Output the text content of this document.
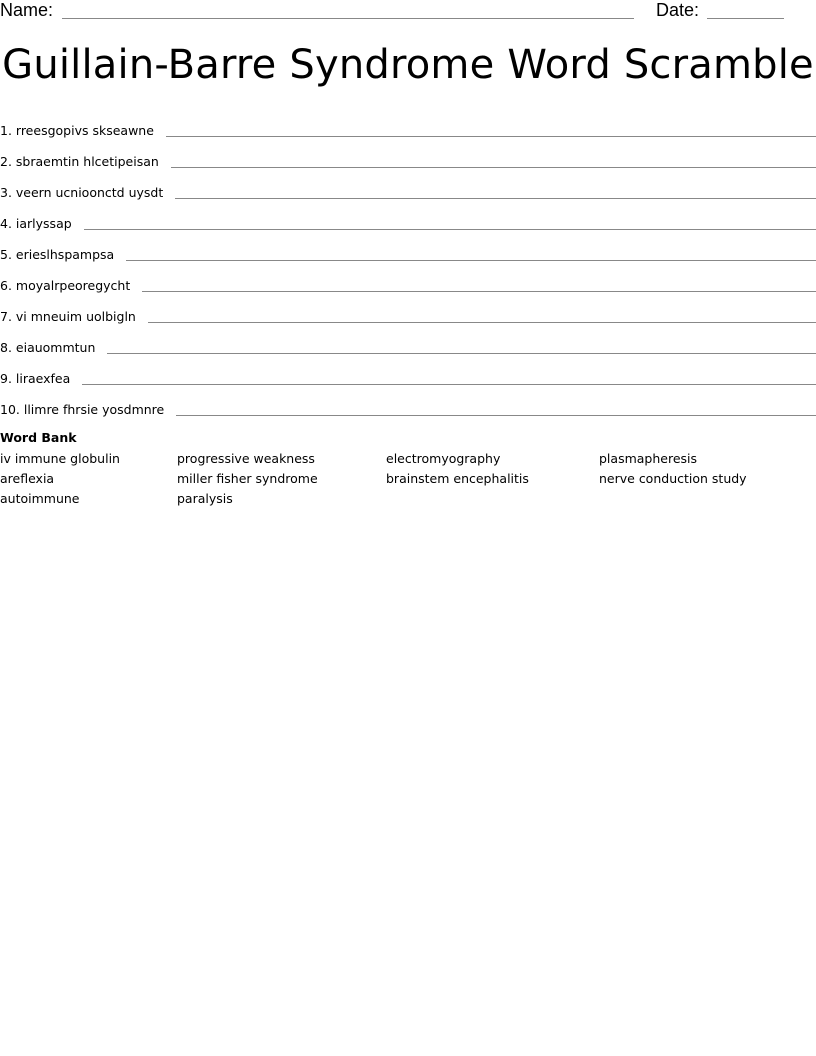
Name:	Date:
Guillain-Barre Syndrome Word Scramble
1. rreesgopivs skseawne
2. sbraemtin hlcetipeisan
3. veern ucnioonctd uysdt
4. iarlyssap
5. erieslhspampsa
6. moyalrpeoregycht
7. vi mneuim uolbigln
8. eiauommtun
9. liraexfea
10. llimre fhrsie yosdmnre
Word Bank
iv immune globulin	progressive weakness	electromyography	plasmapheresis
areflexia	miller fisher syndrome	brainstem encephalitis	nerve conduction study
autoimmune	paralysis
